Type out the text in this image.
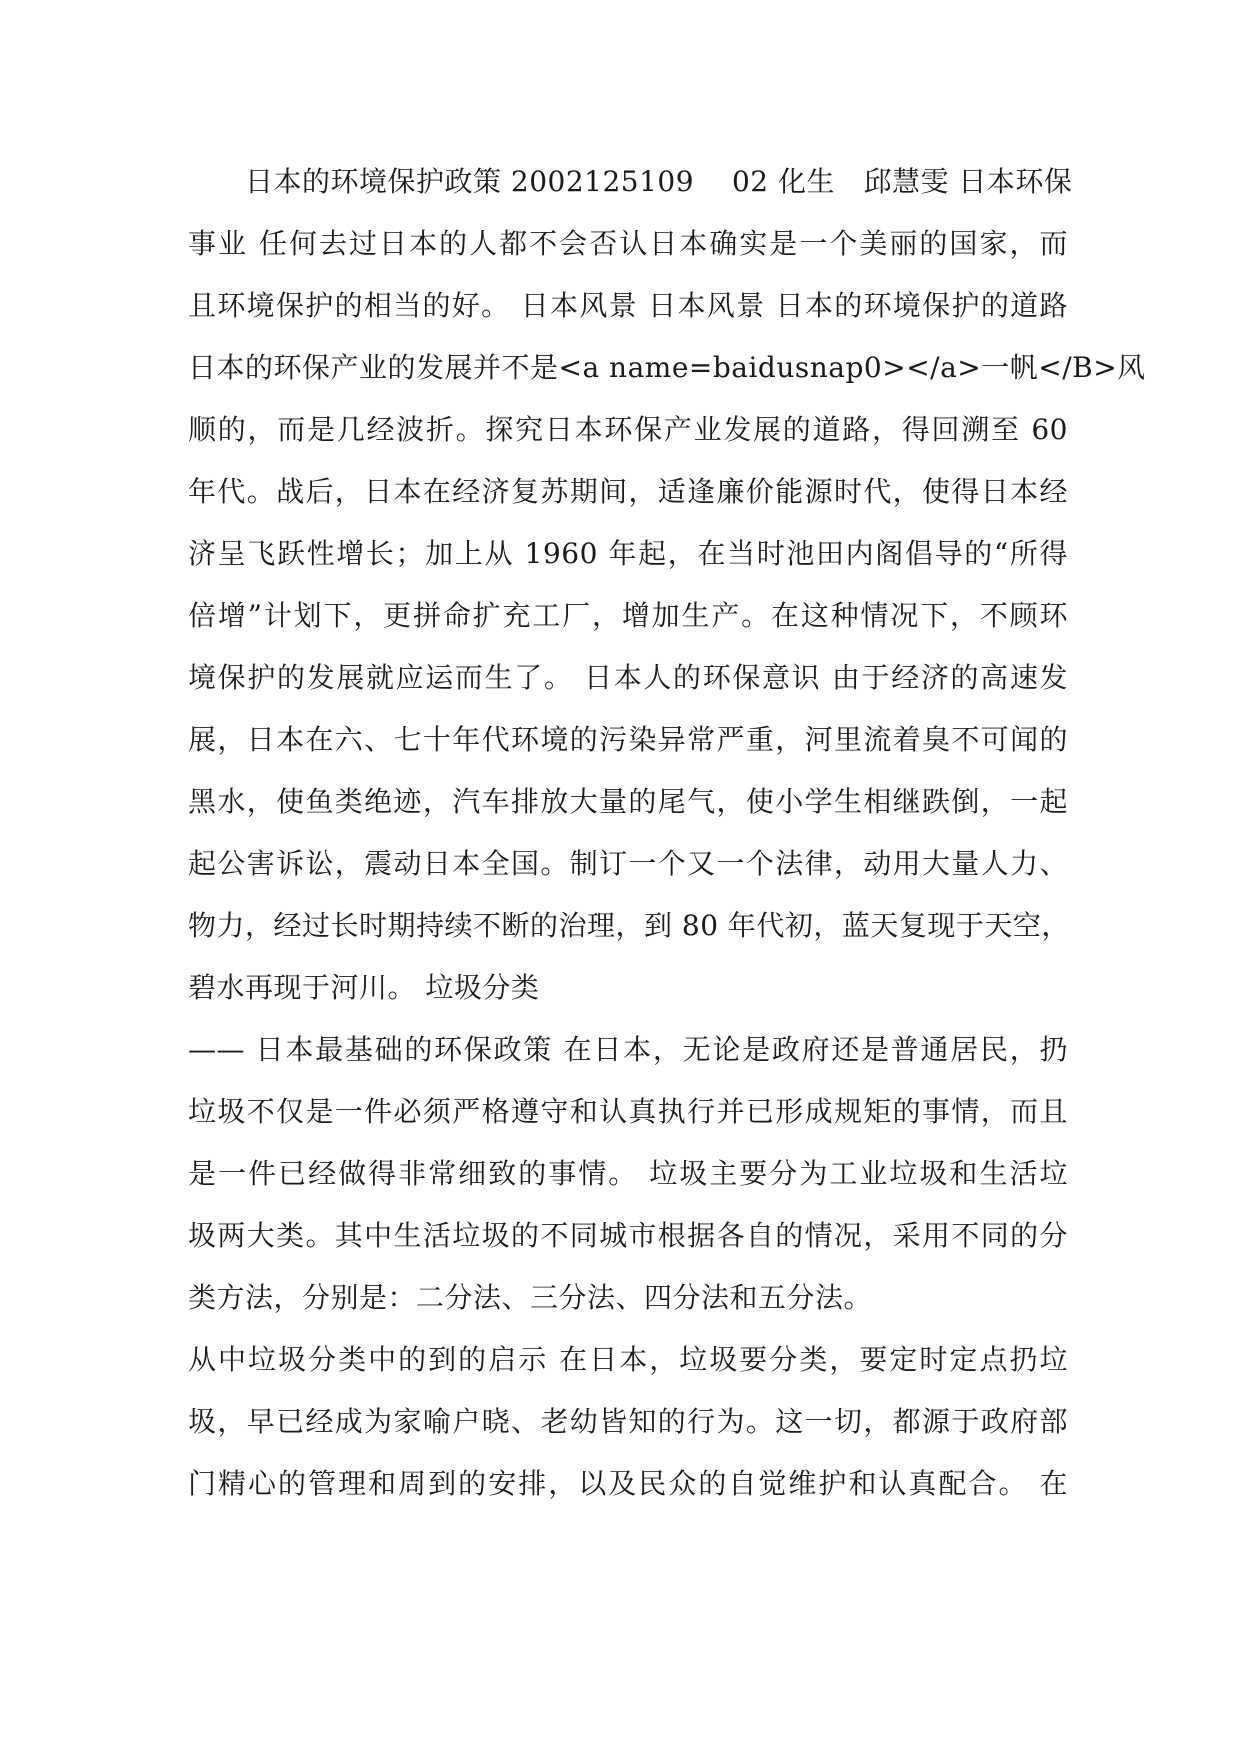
　　日本的环境保护政策 2002125109　 02 化生　邱慧雯 日本环保
事业 任何去过日本的人都不会否认日本确实是一个美丽的国家，而
且环境保护的相当的好。 日本风景 日本风景 日本的环境保护的道路
日本的环保产业的发展并不是<a name=baidusnap0></a>一帆</B>风
顺的，而是几经波折。探究日本环保产业发展的道路，得回溯至 60
年代。战后，日本在经济复苏期间，适逢廉价能源时代，使得日本经
济呈飞跃性增长；加上从 1960 年起，在当时池田内阁倡导的“所得
倍增”计划下，更拼命扩充工厂，增加生产。在这种情况下，不顾环
境保护的发展就应运而生了。 日本人的环保意识 由于经济的高速发
展，日本在六、七十年代环境的污染异常严重，河里流着臭不可闻的
黑水，使鱼类绝迹，汽车排放大量的尾气，使小学生相继跌倒，一起
起公害诉讼，震动日本全国。制订一个又一个法律，动用大量人力、
物力，经过长时期持续不断的治理，到 80 年代初，蓝天复现于天空，
碧水再现于河川。 垃圾分类
—— 日本最基础的环保政策 在日本，无论是政府还是普通居民，扔
垃圾不仅是一件必须严格遵守和认真执行并已形成规矩的事情，而且
是一件已经做得非常细致的事情。 垃圾主要分为工业垃圾和生活垃
圾两大类。其中生活垃圾的不同城市根据各自的情况，采用不同的分
类方法，分别是：二分法、三分法、四分法和五分法。
从中垃圾分类中的到的启示 在日本，垃圾要分类，要定时定点扔垃
圾，早已经成为家喻户晓、老幼皆知的行为。这一切，都源于政府部
门精心的管理和周到的安排，以及民众的自觉维护和认真配合。 在
